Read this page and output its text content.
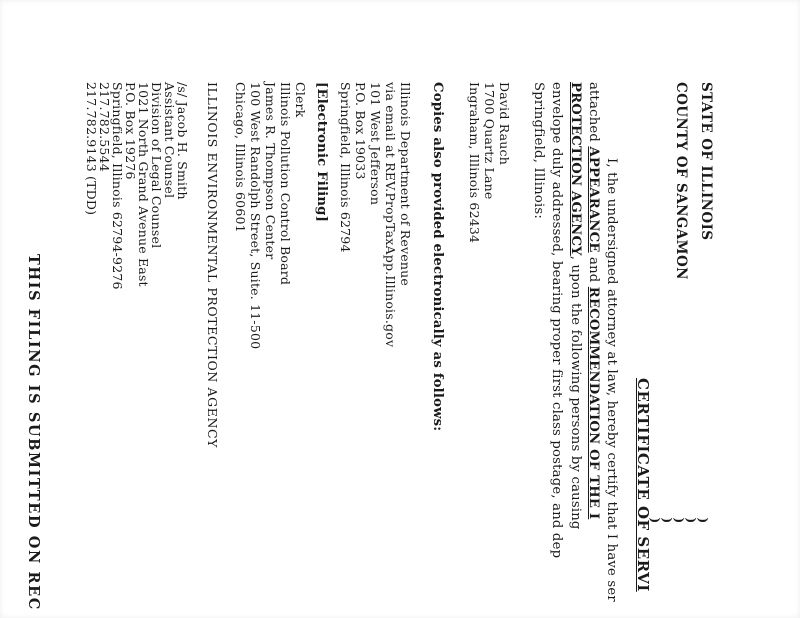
STATE OF ILLINOIS
COUNTY OF SANGAMON

)

)

)

)

)

CERTIFICATE OF SERVI
I, the undersigned attorney at law, hereby certify that I have ser
attached APPEARANCE and RECOMMENDATION OF THE I
PROTECTION AGENCY, upon the following persons by causing
envelope duly addressed, bearing proper first class postage, and dep
Springfield, Illinois:
David Rauch
1700 Quartz Lane
Ingraham, Illinois 62434
Copies also provided electronically as follows:
Illinois Department of Revenue
via email at REV.PropTaxApp.Illinois.gov
101 West Jefferson
P.O. Box 19033
Springfield, Illinois 62794
[Electronic Filing]
Clerk
Illinois Pollution Control Board
James R. Thompson Center
100 West Randolph Street, Suite. 11-500
Chicago, Illinois 60601
ILLINOIS ENVIRONMENTAL PROTECTION AGENCY
/s/ Jacob H. Smith
Assistant Counsel
Division of Legal Counsel
1021 North Grand Avenue East
P.O. Box 19276
Springfield, Illinois 62794-9276
217.782.5544
217.782.9143 (TDD)
THIS FILING IS SUBMITTED ON REC
